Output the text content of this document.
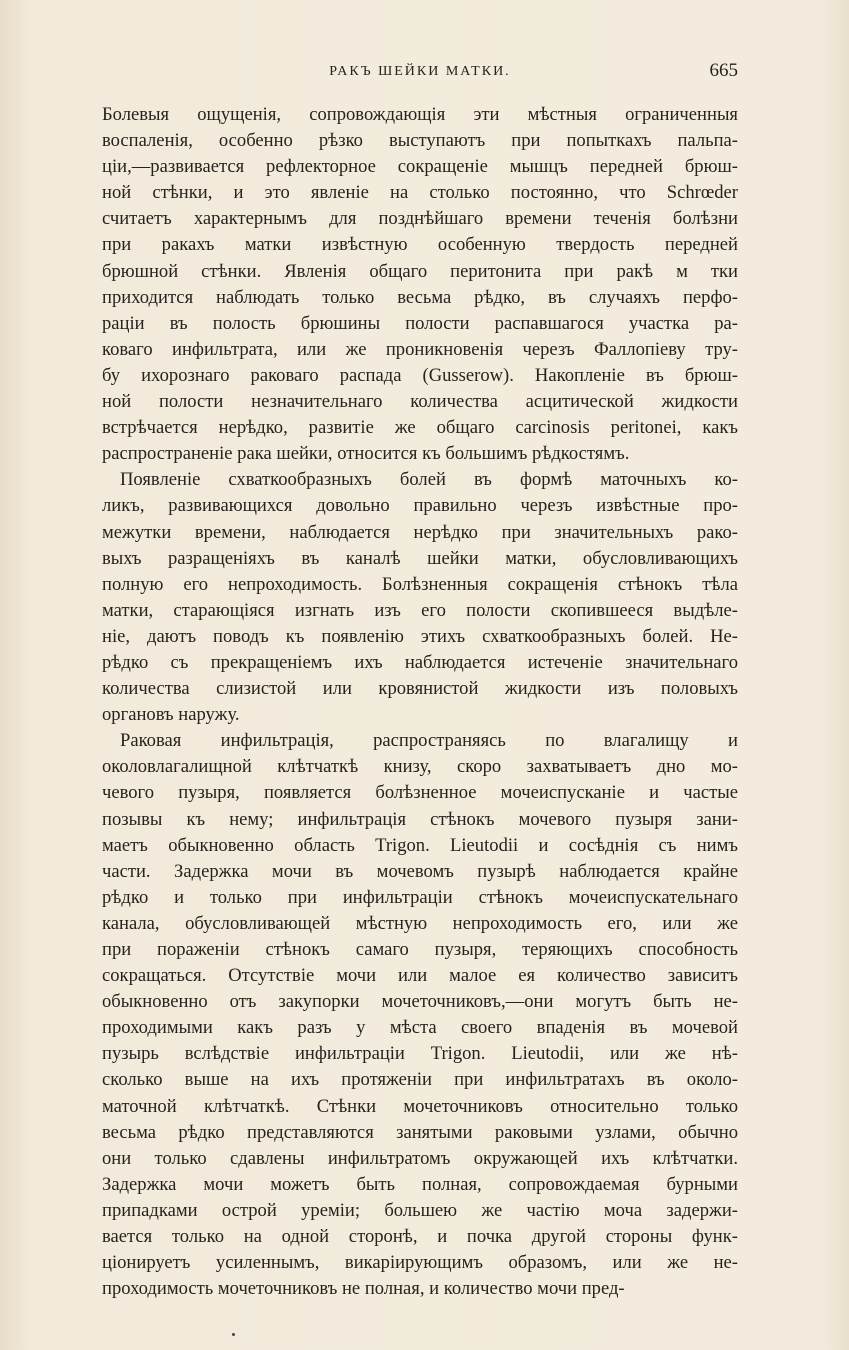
РАКЪ ШЕЙКИ МАТКИ.	665
Болевыя ощущенія, сопровождающія эти мѣстныя ограниченныя
воспаленія, особенно рѣзко выступаютъ при попыткахъ пальпа-
ціи,—развивается рефлекторное сокращеніе мышцъ передней брюш-
ной стѣнки, и это явленіе на столько постоянно, что Schrœder
считаетъ характернымъ для позднѣйшаго времени теченія болѣзни
при ракахъ матки извѣстную особенную твердость передней
брюшной стѣнки. Явленія общаго перитонита при ракѣ м тки
приходится наблюдать только весьма рѣдко, въ случаяхъ перфо-
раціи въ полость брюшины полости распавшагося участка ра-
коваго инфильтрата, или же проникновенія черезъ Фаллопіеву тру-
бу ихорознаго раковаго распада (Gusserow). Накопленіе въ брюш-
ной полости незначительнаго количества асцитической жидкости
встрѣчается нерѣдко, развитіе же общаго carcinosis peritonei, какъ
распространеніе рака шейки, относится къ большимъ рѣдкостямъ.
Появленіе схваткообразныхъ болей въ формѣ маточныхъ ко-
ликъ, развивающихся довольно правильно черезъ извѣстные про-
межутки времени, наблюдается нерѣдко при значительныхъ рако-
выхъ разращеніяхъ въ каналѣ шейки матки, обусловливающихъ
полную его непроходимость. Болѣзненныя сокращенія стѣнокъ тѣла
матки, старающіяся изгнать изъ его полости скопившееся выдѣле-
ніе, даютъ поводъ къ появленію этихъ схваткообразныхъ болей. Не-
рѣдко съ прекращеніемъ ихъ наблюдается истеченіе значительнаго
количества слизистой или кровянистой жидкости изъ половыхъ
органовъ наружу.
Раковая инфильтрація, распространяясь по влагалищу и
околовлагалищной клѣтчаткѣ книзу, скоро захватываетъ дно мо-
чевого пузыря, появляется болѣзненное мочеиспусканіе и частые
позывы къ нему; инфильтрація стѣнокъ мочевого пузыря зани-
маетъ обыкновенно область Trigon. Lieutodii и сосѣднія съ нимъ
части. Задержка мочи въ мочевомъ пузырѣ наблюдается крайне
рѣдко и только при инфильтраціи стѣнокъ мочеиспускательнаго
канала, обусловливающей мѣстную непроходимость его, или же
при пораженіи стѣнокъ самаго пузыря, теряющихъ способность
сокращаться. Отсутствіе мочи или малое ея количество зависитъ
обыкновенно отъ закупорки мочеточниковъ,—они могутъ быть не-
проходимыми какъ разъ у мѣста своего впаденія въ мочевой
пузырь вслѣдствіе инфильтраціи Trigon. Lieutodii, или же нѣ-
сколько выше на ихъ протяженіи при инфильтратахъ въ около-
маточной клѣтчаткѣ. Стѣнки мочеточниковъ относительно только
весьма рѣдко представляются занятыми раковыми узлами, обычно
они только сдавлены инфильтратомъ окружающей ихъ клѣтчатки.
Задержка мочи можетъ быть полная, сопровождаемая бурными
припадками острой уреміи; большею же частію моча задержи-
вается только на одной сторонѣ, и почка другой стороны функ-
ціонируетъ усиленнымъ, викаріирующимъ образомъ, или же не-
проходимость мочеточниковъ не полная, и количество мочи пред-
